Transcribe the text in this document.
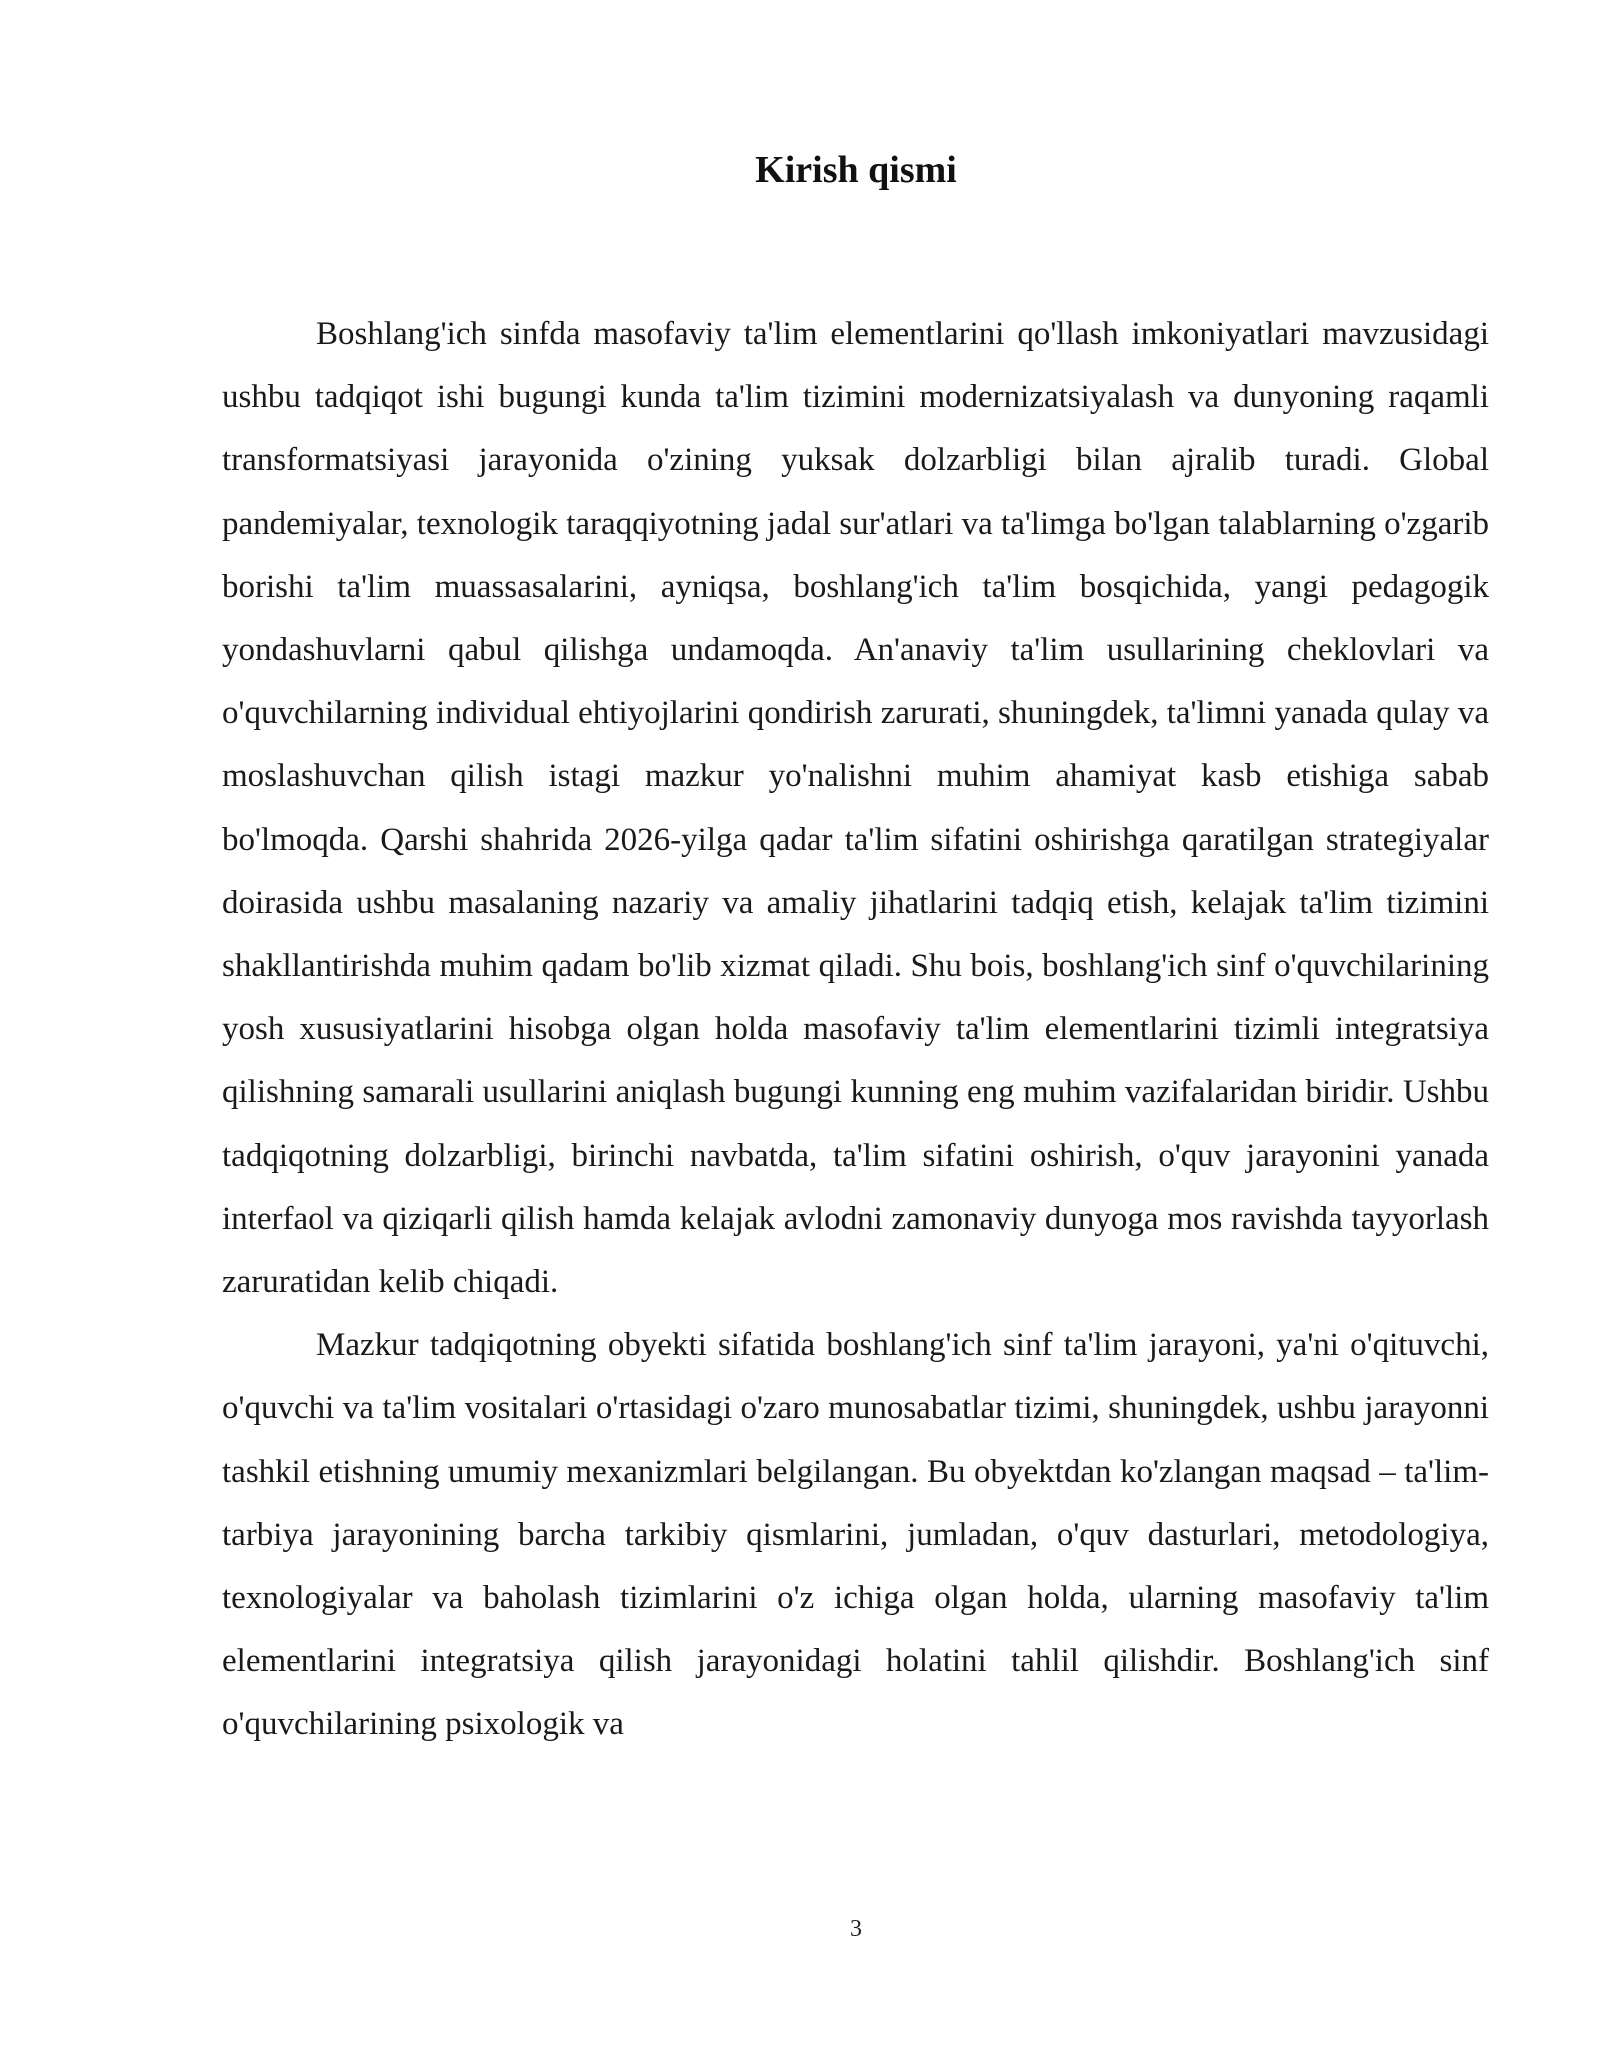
Kirish qismi

Boshlang'ich sinfda masofaviy ta'lim elementlarini qo'llash imkoniyatlari mavzusidagi ushbu tadqiqot ishi bugungi kunda ta'lim tizimini modernizatsiyalash va dunyoning raqamli transformatsiyasi jarayonida o'zining yuksak dolzarbligi bilan ajralib turadi. Global pandemiyalar, texnologik taraqqiyotning jadal sur'atlari va ta'limga bo'lgan talablarning o'zgarib borishi ta'lim muassasalarini, ayniqsa, boshlang'ich ta'lim bosqichida, yangi pedagogik yondashuvlarni qabul qilishga undamoqda. An'anaviy ta'lim usullarining cheklovlari va o'quvchilarning individual ehtiyojlarini qondirish zarurati, shuningdek, ta'limni yanada qulay va moslashuvchan qilish istagi mazkur yo'nalishni muhim ahamiyat kasb etishiga sabab bo'lmoqda. Qarshi shahrida 2026-yilga qadar ta'lim sifatini oshirishga qaratilgan strategiyalar doirasida ushbu masalaning nazariy va amaliy jihatlarini tadqiq etish, kelajak ta'lim tizimini shakllantirishda muhim qadam bo'lib xizmat qiladi. Shu bois, boshlang'ich sinf o'quvchilarining yosh xususiyatlarini hisobga olgan holda masofaviy ta'lim elementlarini tizimli integratsiya qilishning samarali usullarini aniqlash bugungi kunning eng muhim vazifalaridan biridir. Ushbu tadqiqotning dolzarbligi, birinchi navbatda, ta'lim sifatini oshirish, o'quv jarayonini yanada interfaol va qiziqarli qilish hamda kelajak avlodni zamonaviy dunyoga mos ravishda tayyorlash zaruratidan kelib chiqadi.

Mazkur tadqiqotning obyekti sifatida boshlang'ich sinf ta'lim jarayoni, ya'ni o'qituvchi, o'quvchi va ta'lim vositalari o'rtasidagi o'zaro munosabatlar tizimi, shuningdek, ushbu jarayonni tashkil etishning umumiy mexanizmlari belgilangan. Bu obyektdan ko'zlangan maqsad – ta'lim-tarbiya jarayonining barcha tarkibiy qismlarini, jumladan, o'quv dasturlari, metodologiya, texnologiyalar va baholash tizimlarini o'z ichiga olgan holda, ularning masofaviy ta'lim elementlarini integratsiya qilish jarayonidagi holatini tahlil qilishdir. Boshlang'ich sinf o'quvchilarining psixologik va

3
